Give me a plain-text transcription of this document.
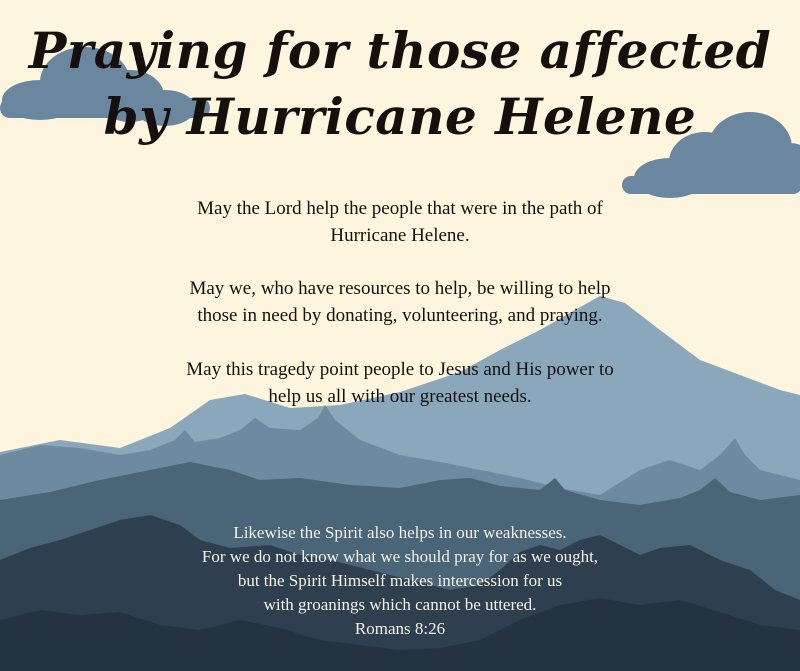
Praying for those affected
by Hurricane Helene
May the Lord help the people that were in the path of
Hurricane Helene.
May we, who have resources to help, be willing to help
those in need by donating, volunteering, and praying.
May this tragedy point people to Jesus and His power to
help us all with our greatest needs.
Likewise the Spirit also helps in our weaknesses.
For we do not know what we should pray for as we ought,
but the Spirit Himself makes intercession for us
with groanings which cannot be uttered.
Romans 8:26
